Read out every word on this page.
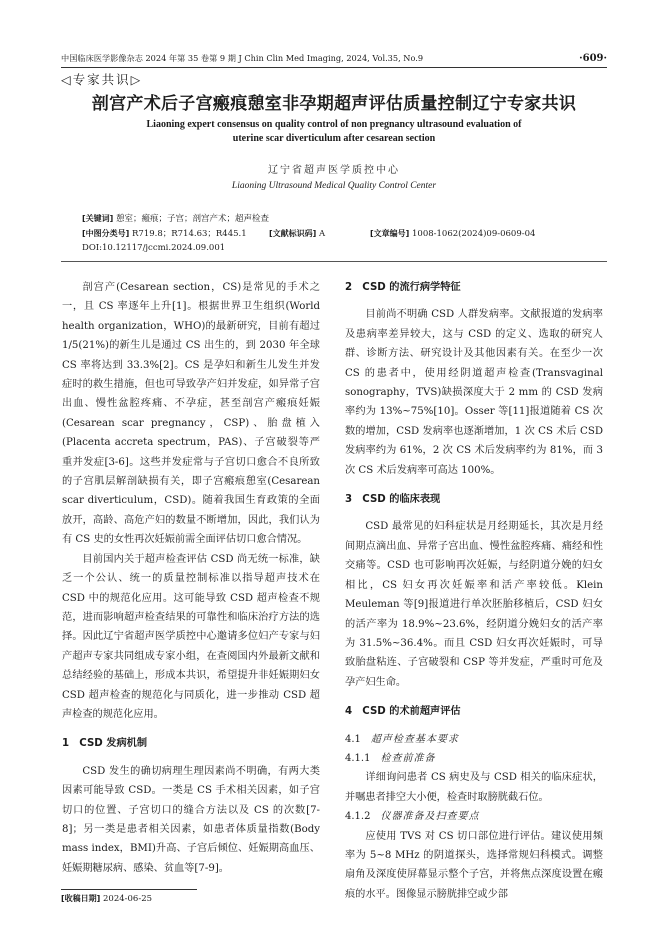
中国临床医学影像杂志 2024 年第 35 卷第 9 期 J Chin Clin Med Imaging, 2024, Vol.35, No.9	·609·
◁专家共识▷
剖宫产术后子宫瘢痕憩室非孕期超声评估质量控制辽宁专家共识
Liaoning expert consensus on quality control of non pregnancy ultrasound evaluation of
uterine scar diverticulum after cesarean section
辽宁省超声医学质控中心
Liaoning Ultrasound Medical Quality Control Center
[关键词] 憩室；瘢痕；子宫；剖宫产术；超声检查
[中图分类号] R719.8；R714.63；R445.1	[文献标识码] A	[文章编号] 1008-1062(2024)09-0609-04
DOI:10.12117/jccmi.2024.09.001

剖宫产(Cesarean section，CS)是常见的手术之一，且 CS 率逐年上升[1]。根据世界卫生组织(World health organization，WHO)的最新研究，目前有超过 1/5(21%)的新生儿是通过 CS 出生的，到 2030 年全球 CS 率将达到 33.3%[2]。CS 是孕妇和新生儿发生并发症时的救生措施，但也可导致孕产妇并发症，如异常子宫出血、慢性盆腔疼痛、不孕症，甚至剖宫产瘢痕妊娠(Cesarean scar pregnancy，CSP)、胎盘植入(Placenta accreta spectrum，PAS)、子宫破裂等严重并发症[3-6]。这些并发症常与子宫切口愈合不良所致的子宫肌层解剖缺损有关，即子宫瘢痕憩室(Cesarean scar diverticulum，CSD)。随着我国生育政策的全面放开，高龄、高危产妇的数量不断增加，因此，我们认为有 CS 史的女性再次妊娠前需全面评估切口愈合情况。

目前国内关于超声检查评估 CSD 尚无统一标准，缺乏一个公认、统一的质量控制标准以指导超声技术在 CSD 中的规范化应用。这可能导致 CSD 超声检查不规范，进而影响超声检查结果的可靠性和临床治疗方法的选择。因此辽宁省超声医学质控中心邀请多位妇产专家与妇产超声专家共同组成专家小组，在查阅国内外最新文献和总结经验的基础上，形成本共识，希望提升非妊娠期妇女 CSD 超声检查的规范化与同质化，进一步推动 CSD 超声检查的规范化应用。

1　CSD 发病机制

CSD 发生的确切病理生理因素尚不明确，有两大类因素可能导致 CSD。一类是 CS 手术相关因素，如子宫切口的位置、子宫切口的缝合方法以及 CS 的次数[7-8]；另一类是患者相关因素，如患者体质量指数(Body mass index，BMI)升高、子宫后倾位、妊娠期高血压、妊娠期糖尿病、感染、贫血等[7-9]。

2　CSD 的流行病学特征

目前尚不明确 CSD 人群发病率。文献报道的发病率及患病率差异较大，这与 CSD 的定义、选取的研究人群、诊断方法、研究设计及其他因素有关。在至少一次 CS 的患者中，使用经阴道超声检查(Transvaginal sonography，TVS)缺损深度大于 2 mm 的 CSD 发病率约为 13%~75%[10]。Osser 等[11]报道随着 CS 次数的增加，CSD 发病率也逐渐增加，1 次 CS 术后 CSD 发病率约为 61%，2 次 CS 术后发病率约为 81%，而 3 次 CS 术后发病率可高达 100%。

3　CSD 的临床表现

CSD 最常见的妇科症状是月经期延长，其次是月经间期点滴出血、异常子宫出血、慢性盆腔疼痛、痛经和性交痛等。CSD 也可影响再次妊娠，与经阴道分娩的妇女相比，CS 妇女再次妊娠率和活产率较低。Klein Meuleman 等[9]报道进行单次胚胎移植后，CSD 妇女的活产率为 18.9%~23.6%，经阴道分娩妇女的活产率为 31.5%~36.4%。而且 CSD 妇女再次妊娠时，可导致胎盘粘连、子宫破裂和 CSP 等并发症，严重时可危及孕产妇生命。

4　CSD 的术前超声评估
4.1 超声检查基本要求
4.1.1 检查前准备

详细询问患者 CS 病史及与 CSD 相关的临床症状，并嘱患者排空大小便，检查时取膀胱截石位。

4.1.2 仪器准备及扫查要点

应使用 TVS 对 CS 切口部位进行评估。建议使用频率为 5~8 MHz 的阴道探头，选择常规妇科模式。调整扇角及深度使屏幕显示整个子宫，并将焦点深度设置在瘢痕的水平。图像显示膀胱排空或少部

[收稿日期] 2024-06-25
